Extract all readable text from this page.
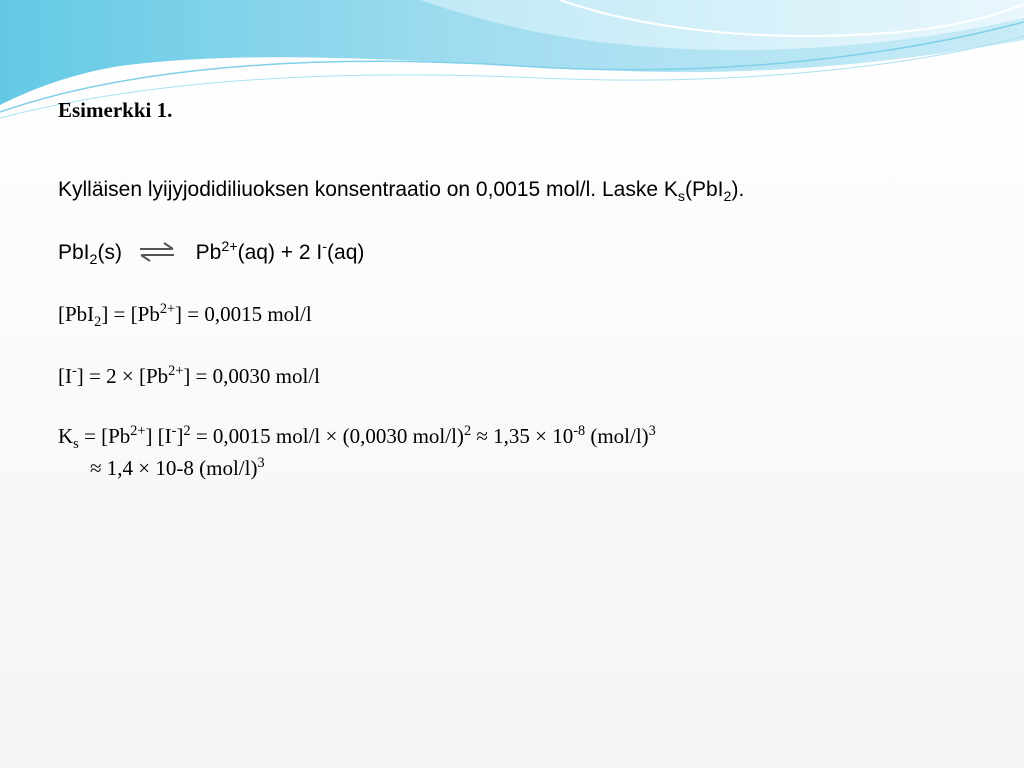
Esimerkki 1.
Kylläisen lyijyjodidiliuoksen konsentraatio on 0,0015 mol/l. Laske $K_s(PbI_2)$.
PbI$_2$(s) ⇌ $Pb^{2+}(aq) + 2$ I-(aq)
$[PbI_2] = [Pb^{2+}] = 0,0015$ mol/l
$[I^-] = 2 \times [Pb^{2+}] = 0,0030$ mol/l
$K_s = [Pb^{2+}] [I^-]^2 = 0,0015$ mol/l × (0,0030 $mol/l)^2 \approx 1,35 \times 10^{-8}$ $(mol/l)^3$
≈ 1,4 × 10-8 $(mol/l)^3$
